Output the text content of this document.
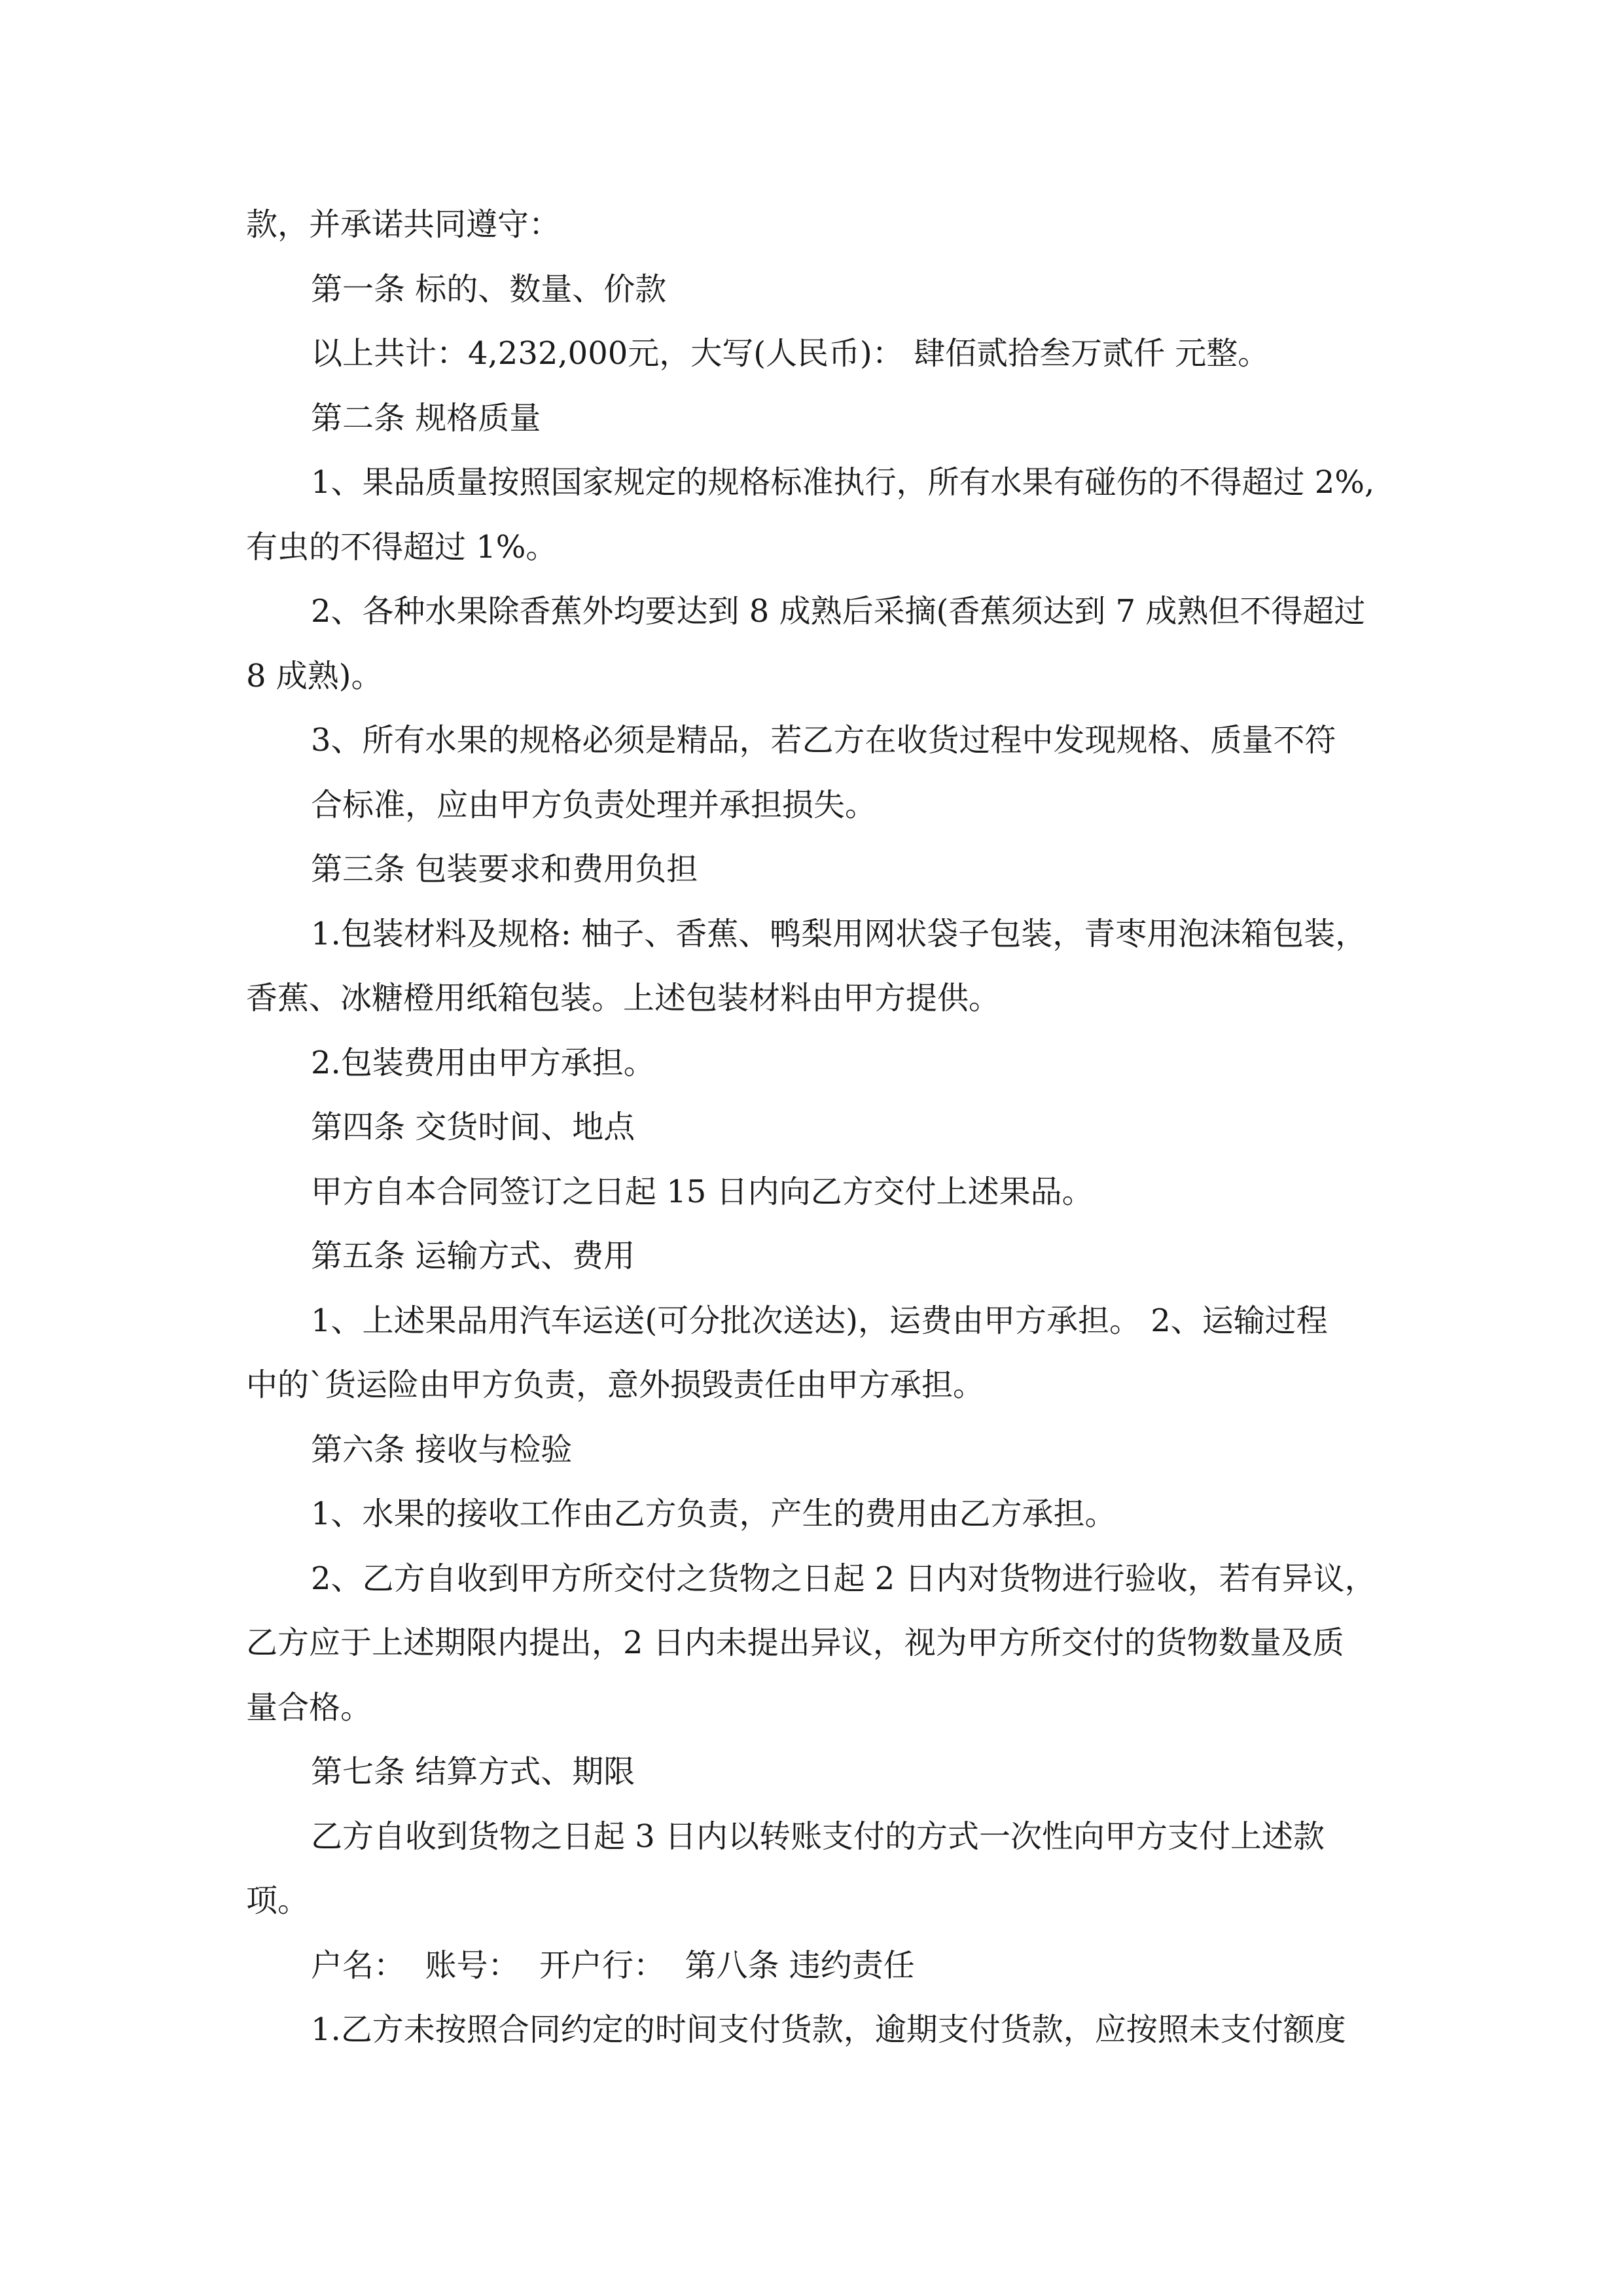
款，并承诺共同遵守：
第一条 标的、数量、价款
以上共计：4,232,000元，大写(人民币)： 肆佰贰拾叁万贰仟 元整。
第二条 规格质量
1、果品质量按照国家规定的规格标准执行，所有水果有碰伤的不得超过 2%,
有虫的不得超过 1%。
2、各种水果除香蕉外均要达到 8 成熟后采摘(香蕉须达到 7 成熟但不得超过
8 成熟)。
3、所有水果的规格必须是精品，若乙方在收货过程中发现规格、质量不符
合标准，应由甲方负责处理并承担损失。
第三条 包装要求和费用负担
1.包装材料及规格: 柚子、香蕉、鸭梨用网状袋子包装，青枣用泡沫箱包装，
香蕉、冰糖橙用纸箱包装。上述包装材料由甲方提供。
2.包装费用由甲方承担。
第四条 交货时间、地点
甲方自本合同签订之日起 15 日内向乙方交付上述果品。
第五条 运输方式、费用
1、上述果品用汽车运送(可分批次送达)，运费由甲方承担。 2、运输过程
中的`货运险由甲方负责，意外损毁责任由甲方承担。
第六条 接收与检验
1、水果的接收工作由乙方负责，产生的费用由乙方承担。
2、乙方自收到甲方所交付之货物之日起 2 日内对货物进行验收，若有异议，
乙方应于上述期限内提出，2 日内未提出异议，视为甲方所交付的货物数量及质
量合格。
第七条 结算方式、期限
乙方自收到货物之日起 3 日内以转账支付的方式一次性向甲方支付上述款
项。
户名：  账号：  开户行：  第八条 违约责任
1.乙方未按照合同约定的时间支付货款，逾期支付货款，应按照未支付额度
